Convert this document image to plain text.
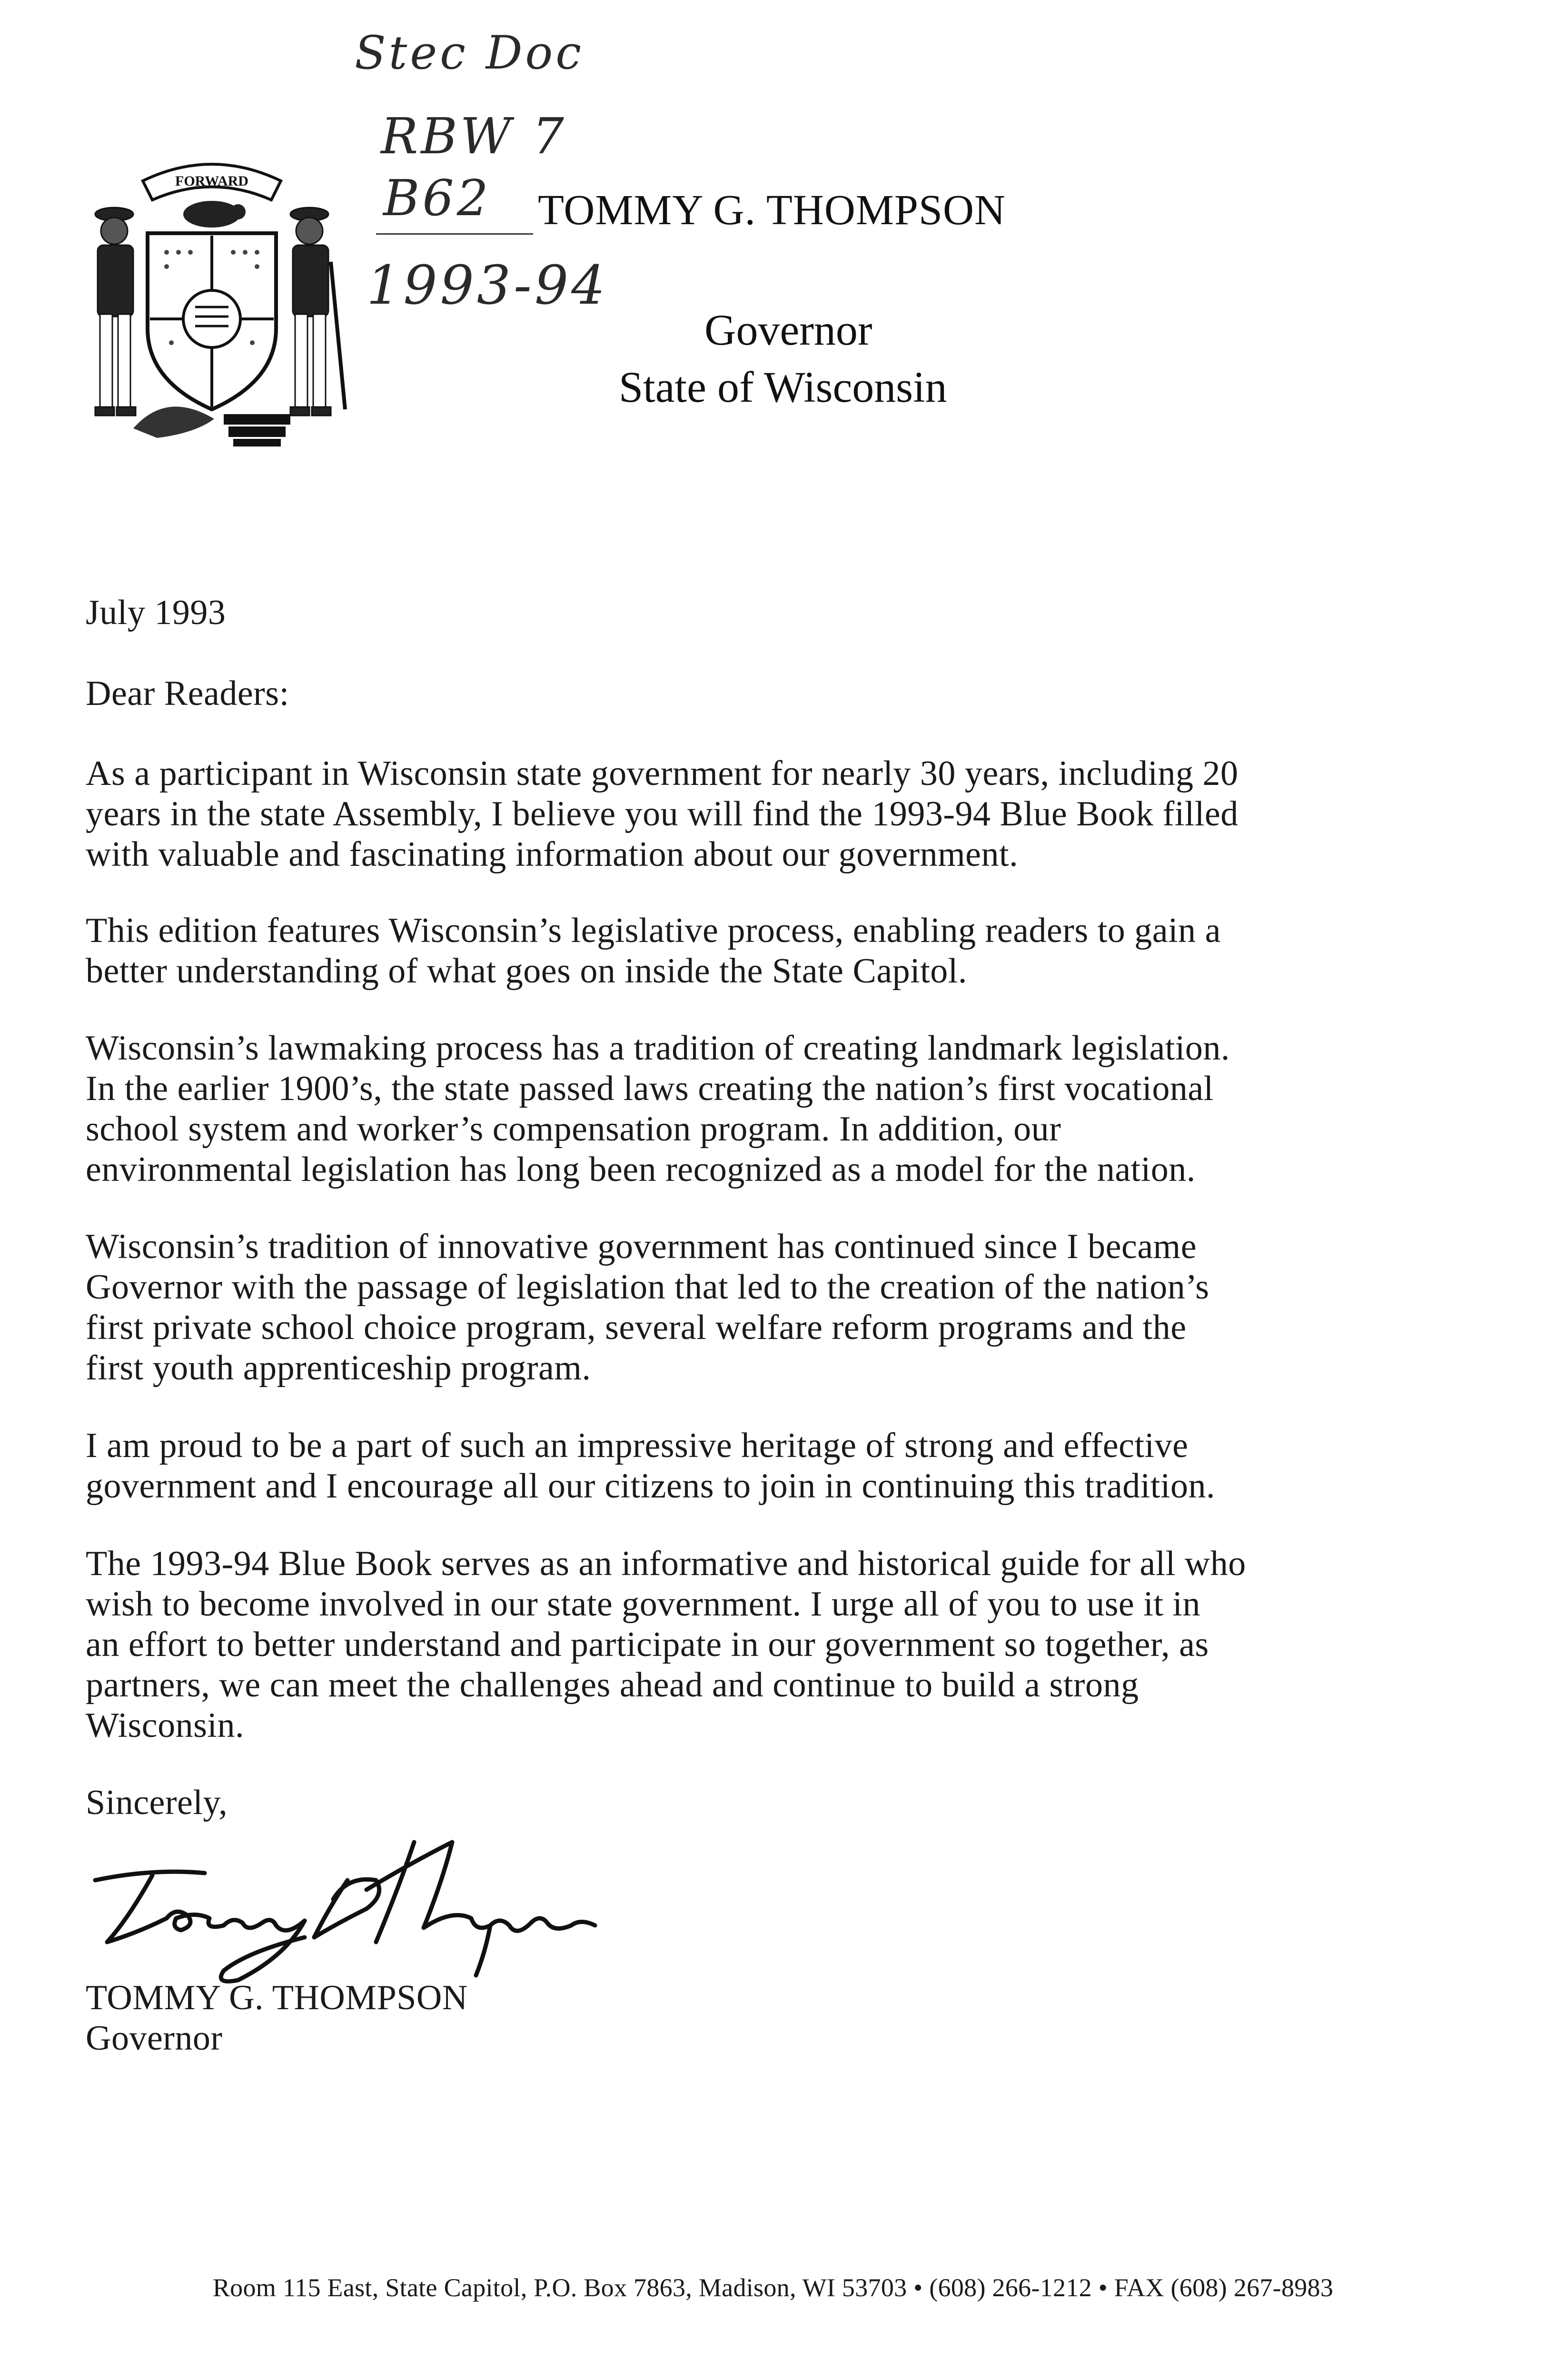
Stec Doc
RBW 7
B62
1993-94
FORWARD
TOMMY G. THOMPSON
Governor
State of Wisconsin
July 1993
Dear Readers:
As a participant in Wisconsin state government for nearly 30 years, including 20
years in the state Assembly, I believe you will find the 1993-94 Blue Book filled
with valuable and fascinating information about our government.
This edition features Wisconsin’s legislative process, enabling readers to gain a
better understanding of what goes on inside the State Capitol.
Wisconsin’s lawmaking process has a tradition of creating landmark legislation.
In the earlier 1900’s, the state passed laws creating the nation’s first vocational
school system and worker’s compensation program. In addition, our
environmental legislation has long been recognized as a model for the nation.
Wisconsin’s tradition of innovative government has continued since I became
Governor with the passage of legislation that led to the creation of the nation’s
first private school choice program, several welfare reform programs and the
first youth apprenticeship program.
I am proud to be a part of such an impressive heritage of strong and effective
government and I encourage all our citizens to join in continuing this tradition.
The 1993-94 Blue Book serves as an informative and historical guide for all who
wish to become involved in our state government. I urge all of you to use it in
an effort to better understand and participate in our government so together, as
partners, we can meet the challenges ahead and continue to build a strong
Wisconsin.
Sincerely,
TOMMY G. THOMPSON
Governor
Room 115 East, State Capitol, P.O. Box 7863, Madison, WI 53703 • (608) 266-1212 • FAX (608) 267-8983
